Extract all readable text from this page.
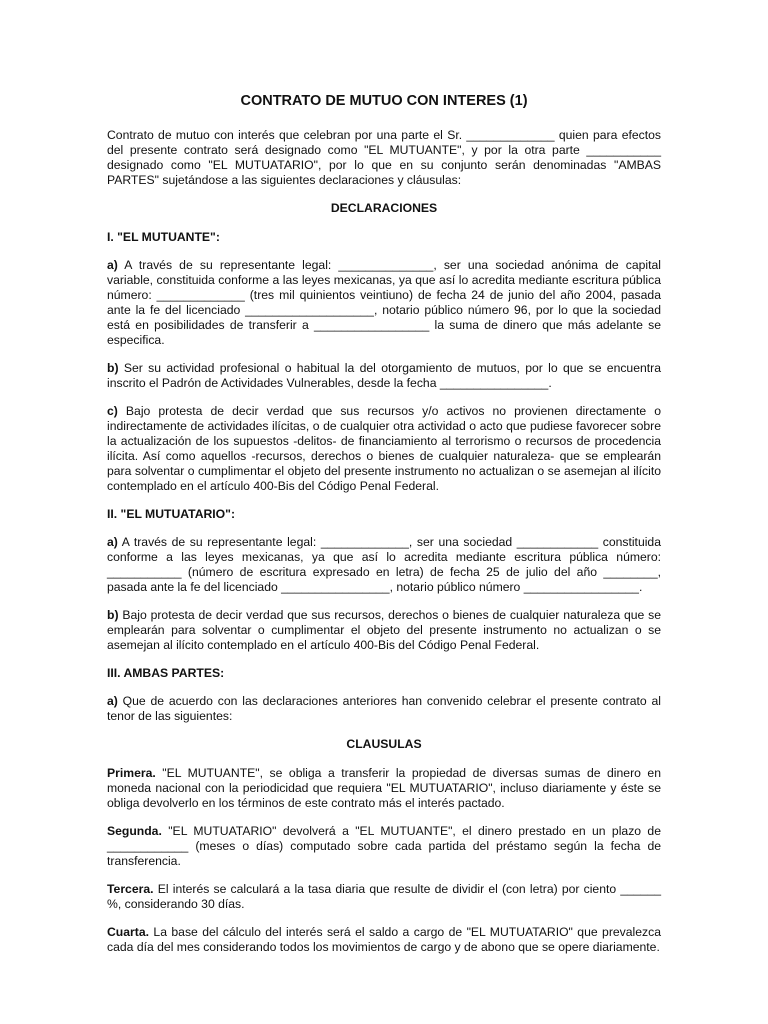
CONTRATO DE MUTUO CON INTERES (1)

Contrato de mutuo con interés que celebran por una parte el Sr. _____________ quien para efectos del presente contrato será designado como "EL MUTUANTE", y por la otra parte ___________ designado como "EL MUTUATARIO", por lo que en su conjunto serán denominadas "AMBAS PARTES" sujetándose a las siguientes declaraciones y cláusulas:

DECLARACIONES
I. "EL MUTUANTE":

a) A través de su representante legal: ______________, ser una sociedad anónima de capital variable, constituida conforme a las leyes mexicanas, ya que así lo acredita mediante escritura pública número: _____________ (tres mil quinientos veintiuno) de fecha 24 de junio del año 2004, pasada ante la fe del licenciado ___________________, notario público número 96, por lo que la sociedad está en posibilidades de transferir a _________________ la suma de dinero que más adelante se especifica.

b) Ser su actividad profesional o habitual la del otorgamiento de mutuos, por lo que se encuentra inscrito el Padrón de Actividades Vulnerables, desde la fecha ________________.

c) Bajo protesta de decir verdad que sus recursos y/o activos no provienen directamente o indirectamente de actividades ilícitas, o de cualquier otra actividad o acto que pudiese favorecer sobre la actualización de los supuestos -delitos- de financiamiento al terrorismo o recursos de procedencia ilícita. Así como aquellos -recursos, derechos o bienes de cualquier naturaleza- que se emplearán para solventar o cumplimentar el objeto del presente instrumento no actualizan o se asemejan al ilícito contemplado en el artículo 400-Bis del Código Penal Federal.

II. "EL MUTUATARIO":

a) A través de su representante legal: _____________, ser una sociedad ____________ constituida conforme a las leyes mexicanas, ya que así lo acredita mediante escritura pública número: ___________ (número de escritura expresado en letra) de fecha 25 de julio del año ________, pasada ante la fe del licenciado ________________, notario público número _________________.

b) Bajo protesta de decir verdad que sus recursos, derechos o bienes de cualquier naturaleza que se emplearán para solventar o cumplimentar el objeto del presente instrumento no actualizan o se asemejan al ilícito contemplado en el artículo 400-Bis del Código Penal Federal.

III. AMBAS PARTES:

a) Que de acuerdo con las declaraciones anteriores han convenido celebrar el presente contrato al tenor de las siguientes:

CLAUSULAS

Primera. "EL MUTUANTE", se obliga a transferir la propiedad de diversas sumas de dinero en moneda nacional con la periodicidad que requiera "EL MUTUATARIO", incluso diariamente y éste se obliga devolverlo en los términos de este contrato más el interés pactado.

Segunda. "EL MUTUATARIO" devolverá a "EL MUTUANTE", el dinero prestado en un plazo de ____________ (meses o días) computado sobre cada partida del préstamo según la fecha de transferencia.

Tercera. El interés se calculará a la tasa diaria que resulte de dividir el (con letra) por ciento ______ %, considerando 30 días.

Cuarta. La base del cálculo del interés será el saldo a cargo de "EL MUTUATARIO" que prevalezca cada día del mes considerando todos los movimientos de cargo y de abono que se opere diariamente.
